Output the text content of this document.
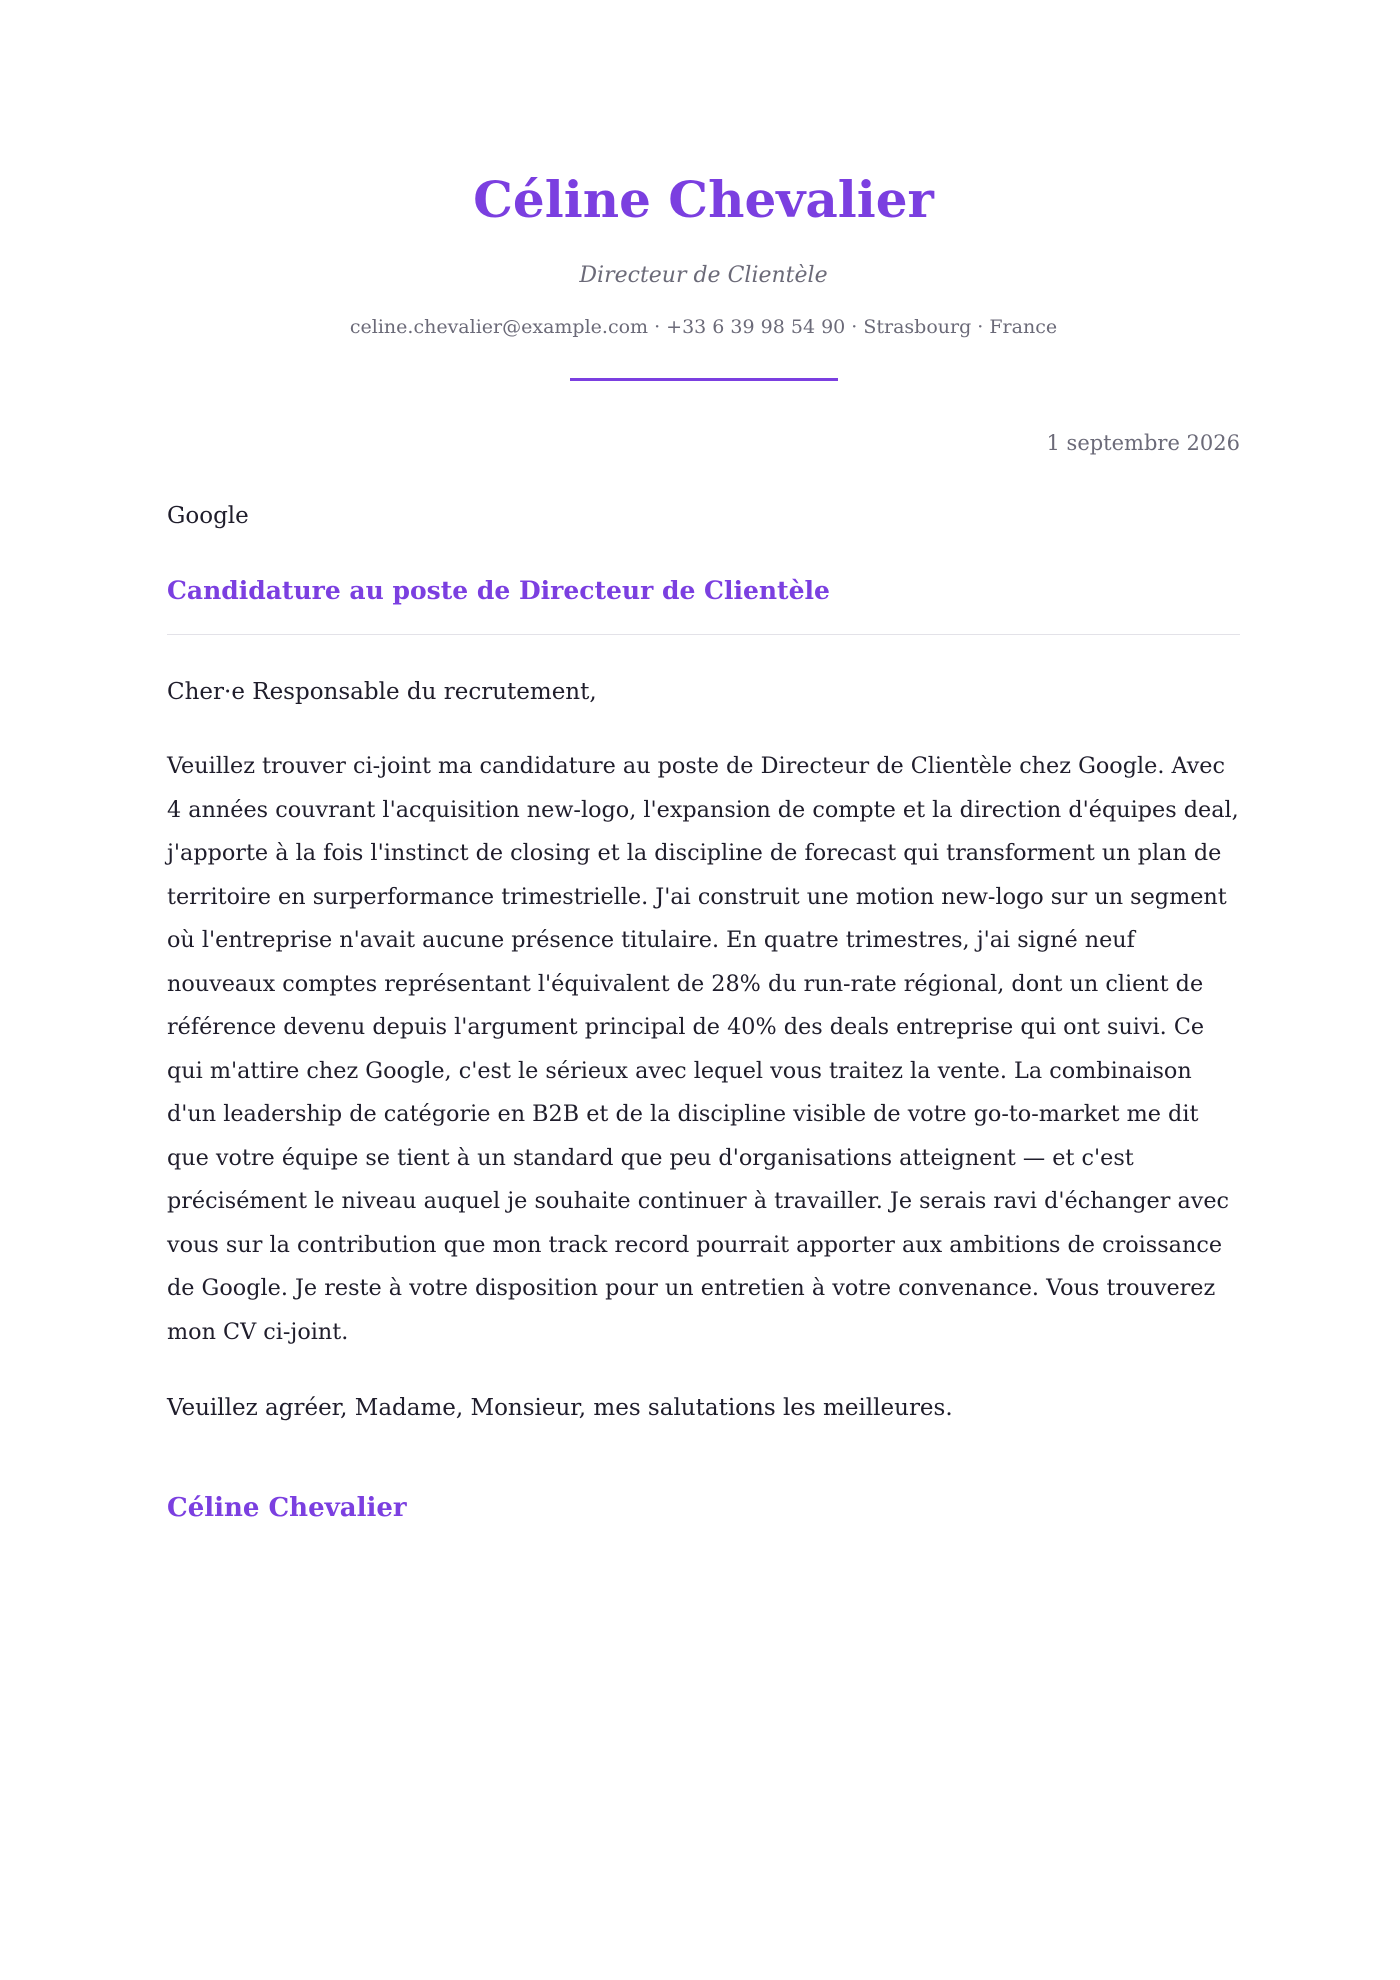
Céline Chevalier
Directeur de Clientèle
celine.chevalier@example.com · +33 6 39 98 54 90 · Strasbourg · France
1 septembre 2026
Google
Candidature au poste de Directeur de Clientèle
Cher·e Responsable du recrutement,

Veuillez trouver ci-joint ma candidature au poste de Directeur de Clientèle chez Google. Avec 4 années couvrant l'acquisition new-logo, l'expansion de compte et la direction d'équipes deal, j'apporte à la fois l'instinct de closing et la discipline de forecast qui transforment un plan de territoire en surperformance trimestrielle. J'ai construit une motion new-logo sur un segment où l'entreprise n'avait aucune présence titulaire. En quatre trimestres, j'ai signé neuf nouveaux comptes représentant l'équivalent de 28% du run-rate régional, dont un client de référence devenu depuis l'argument principal de 40% des deals entreprise qui ont suivi. Ce qui m'attire chez Google, c'est le sérieux avec lequel vous traitez la vente. La combinaison d'un leadership de catégorie en B2B et de la discipline visible de votre go-to-market me dit que votre équipe se tient à un standard que peu d'organisations atteignent — et c'est précisément le niveau auquel je souhaite continuer à travailler. Je serais ravi d'échanger avec vous sur la contribution que mon track record pourrait apporter aux ambitions de croissance de Google. Je reste à votre disposition pour un entretien à votre convenance. Vous trouverez mon CV ci-joint.

Veuillez agréer, Madame, Monsieur, mes salutations les meilleures.
Céline Chevalier
